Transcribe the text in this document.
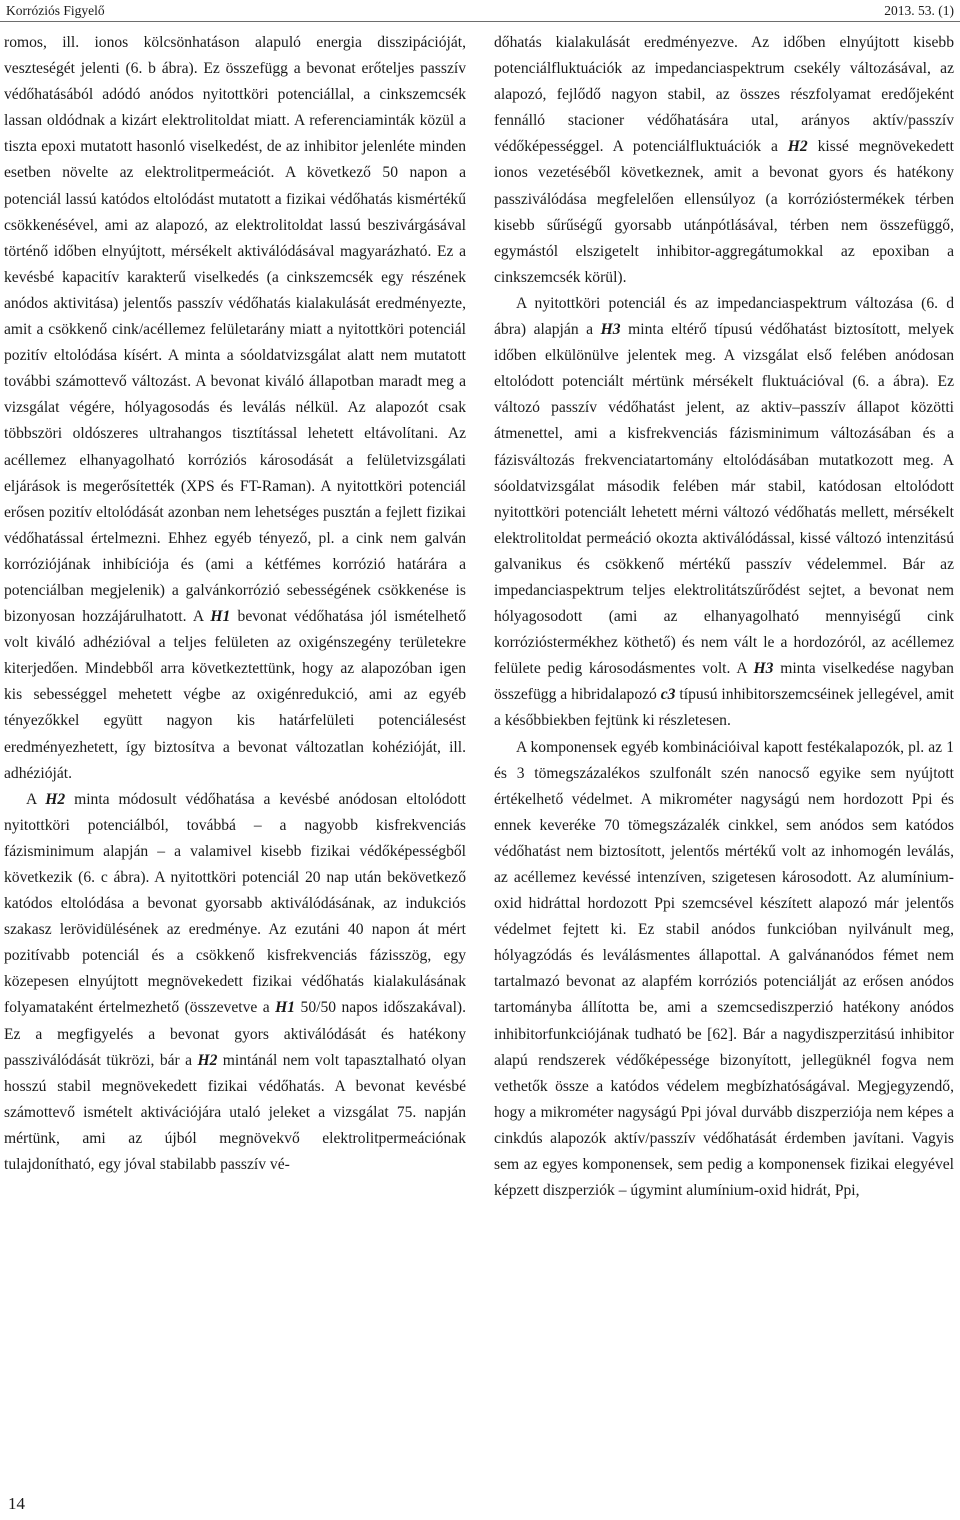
Korróziós Figyelő	2013. 53. (1)

romos, ill. ionos kölcsönhatáson alapuló energia disszipációját, veszteségét jelenti (6. b ábra). Ez összefügg a bevonat erőteljes passzív védőhatásából adódó anódos nyitottköri potenciállal, a cinkszemcsék lassan oldódnak a kizárt elektrolitoldat miatt. A referenciaminták közül a tiszta epoxi mutatott hasonló viselkedést, de az inhibitor jelenléte minden esetben növelte az elektrolitpermeációt. A következő 50 napon a potenciál lassú katódos eltolódást mutatott a fizikai védőhatás kismértékű csökkenésével, ami az alapozó, az elektrolitoldat lassú beszivárgásával történő időben elnyújtott, mérsékelt aktiválódásával magyarázható. Ez a kevésbé kapacitív karakterű viselkedés (a cinkszemcsék egy részének anódos aktivitása) jelentős passzív védőhatás kialakulását eredményezte, amit a csökkenő cink/acéllemez felületarány miatt a nyitottköri potenciál pozitív eltolódása kísért. A minta a sóoldatvizsgálat alatt nem mutatott további számottevő változást. A bevonat kiváló állapotban maradt meg a vizsgálat végére, hólyagosodás és leválás nélkül. Az alapozót csak többszöri oldószeres ultrahangos tisztítással lehetett eltávolítani. Az acéllemez elhanyagolható korróziós károsodását a felületvizsgálati eljárások is megerősítették (XPS és FT-Raman). A nyitottköri potenciál erősen pozitív eltolódását azonban nem lehetséges pusztán a fejlett fizikai védőhatással értelmezni. Ehhez egyéb tényező, pl. a cink nem galván korróziójának inhibíciója és (ami a kétfémes korrózió határára a potenciálban megjelenik) a galvánkorrózió sebességének csökkenése is bizonyosan hozzájárulhatott. A H1 bevonat védőhatása jól ismételhető volt kiváló adhézióval a teljes felületen az oxigénszegény területekre kiterjedően. Mindebből arra következtettünk, hogy az alapozóban igen kis sebességgel mehetett végbe az oxigénredukció, ami az egyéb tényezőkkel együtt nagyon kis határfelületi potenciálesést eredményezhetett, így biztosítva a bevonat változatlan kohézióját, ill. adhézióját.

A H2 minta módosult védőhatása a kevésbé anódosan eltolódott nyitottköri potenciálból, továbbá – a nagyobb kisfrekvenciás fázisminimum alapján – a valamivel kisebb fizikai védőképességből következik (6. c ábra). A nyitottköri potenciál 20 nap után bekövetkező katódos eltolódása a bevonat gyorsabb aktiválódásának, az indukciós szakasz lerövidülésének az eredménye. Az ezutáni 40 napon át mért pozitívabb potenciál és a csökkenő kisfrekvenciás fázisszög, egy közepesen elnyújtott megnövekedett fizikai védőhatás kialakulásának folyamataként értelmezhető (összevetve a H1 50/50 napos időszakával). Ez a megfigyelés a bevonat gyors aktiválódását és hatékony passziválódását tükrözi, bár a H2 mintánál nem volt tapasztalható olyan hosszú stabil megnövekedett fizikai védőhatás. A bevonat kevésbé számottevő ismételt aktivációjára utaló jeleket a vizsgálat 75. napján mértünk, ami az újból megnövekvő elektrolitpermeációnak tulajdonítható, egy jóval stabilabb passzív vé-

dőhatás kialakulását eredményezve. Az időben elnyújtott kisebb potenciálfluktuációk az impedanciaspektrum csekély változásával, az alapozó, fejlődő nagyon stabil, az összes részfolyamat eredőjeként fennálló stacioner védőhatására utal, arányos aktív/passzív védőképességgel. A potenciálfluktuációk a H2 kissé megnövekedett ionos vezetéséből következnek, amit a bevonat gyors és hatékony passziválódása megfelelően ellensúlyoz (a korrózióstermékek térben kisebb sűrűségű gyorsabb utánpótlásával, térben nem összefüggő, egymástól elszigetelt inhibitor-aggregátumokkal az epoxiban a cinkszemcsék körül).

A nyitottköri potenciál és az impedanciaspektrum változása (6. d ábra) alapján a H3 minta eltérő típusú védőhatást biztosított, melyek időben elkülönülve jelentek meg. A vizsgálat első felében anódosan eltolódott potenciált mértünk mérsékelt fluktuációval (6. a ábra). Ez változó passzív védőhatást jelent, az aktiv–passzív állapot közötti átmenettel, ami a kisfrekvenciás fázisminimum változásában és a fázisváltozás frekvenciatartomány eltolódásában mutatkozott meg. A sóoldatvizsgálat második felében már stabil, katódosan eltolódott nyitottköri potenciált lehetett mérni változó védőhatás mellett, mérsékelt elektrolitoldat permeáció okozta aktiválódással, kissé változó intenzitású galvanikus és csökkenő mértékű passzív védelemmel. Bár az impedanciaspektrum teljes elektrolitátszűrődést sejtet, a bevonat nem hólyagosodott (ami az elhanyagolható mennyiségű cink korrózióstermékhez köthető) és nem vált le a hordozóról, az acéllemez felülete pedig károsodásmentes volt. A H3 minta viselkedése nagyban összefügg a hibridalapozó c3 típusú inhibitorszemcséinek jellegével, amit a későbbiekben fejtünk ki részletesen.

A komponensek egyéb kombinációival kapott festékalapozók, pl. az 1 és 3 tömegszázalékos szulfonált szén nanocső egyike sem nyújtott értékelhető védelmet. A mikrométer nagyságú nem hordozott Ppi és ennek keveréke 70 tömegszázalék cinkkel, sem anódos sem katódos védőhatást nem biztosított, jelentős mértékű volt az inhomogén leválás, az acéllemez kevéssé intenzíven, szigetesen károsodott. Az alumínium-oxid hidráttal hordozott Ppi szemcsével készített alapozó már jelentős védelmet fejtett ki. Ez stabil anódos funkcióban nyilvánult meg, hólyagzódás és leválásmentes állapottal. A galvánanódos fémet nem tartalmazó bevonat az alapfém korróziós potenciálját az erősen anódos tartományba állította be, ami a szemcsediszperzió hatékony anódos inhibitorfunkciójának tudható be [62]. Bár a nagydiszperzitású inhibitor alapú rendszerek védőképessége bizonyított, jellegüknél fogva nem vethetők össze a katódos védelem megbízhatóságával. Megjegyzendő, hogy a mikrométer nagyságú Ppi jóval durvább diszperziója nem képes a cinkdús alapozók aktív/passzív védőhatását érdemben javítani. Vagyis sem az egyes komponensek, sem pedig a komponensek fizikai elegyével képzett diszperziók – úgymint alumínium-oxid hidrát, Ppi,

14
